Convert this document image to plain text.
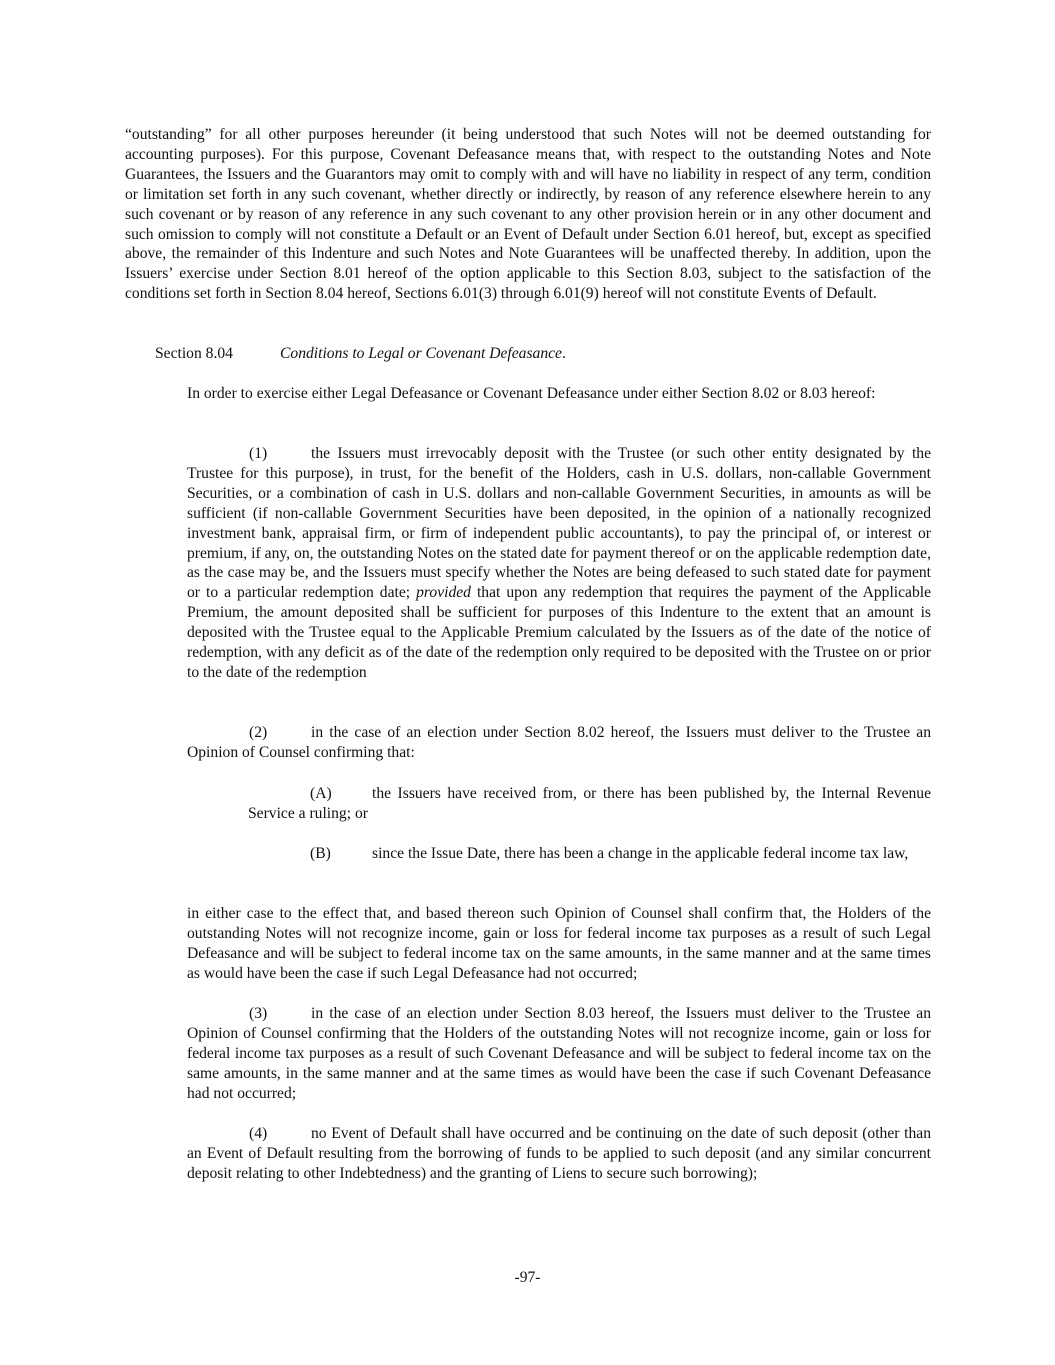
“outstanding” for all other purposes hereunder (it being understood that such Notes will not be deemed outstanding for accounting purposes). For this purpose, Covenant Defeasance means that, with respect to the outstanding Notes and Note Guarantees, the Issuers and the Guarantors may omit to comply with and will have no liability in respect of any term, condition or limitation set forth in any such covenant, whether directly or indirectly, by reason of any reference elsewhere herein to any such covenant or by reason of any reference in any such covenant to any other provision herein or in any other document and such omission to comply will not constitute a Default or an Event of Default under Section 6.01 hereof, but, except as specified above, the remainder of this Indenture and such Notes and Note Guarantees will be unaffected thereby. In addition, upon the Issuers’ exercise under Section 8.01 hereof of the option applicable to this Section 8.03, subject to the satisfaction of the conditions set forth in Section 8.04 hereof, Sections 6.01(3) through 6.01(9) hereof will not constitute Events of Default.

Section 8.04	Conditions to Legal or Covenant Defeasance.

In order to exercise either Legal Defeasance or Covenant Defeasance under either Section 8.02 or 8.03 hereof:

(1)	the Issuers must irrevocably deposit with the Trustee (or such other entity designated by the Trustee for this purpose), in trust, for the benefit of the Holders, cash in U.S. dollars, non-callable Government Securities, or a combination of cash in U.S. dollars and non-callable Government Securities, in amounts as will be sufficient (if non-callable Government Securities have been deposited, in the opinion of a nationally recognized investment bank, appraisal firm, or firm of independent public accountants), to pay the principal of, or interest or premium, if any, on, the outstanding Notes on the stated date for payment thereof or on the applicable redemption date, as the case may be, and the Issuers must specify whether the Notes are being defeased to such stated date for payment or to a particular redemption date; provided that upon any redemption that requires the payment of the Applicable Premium, the amount deposited shall be sufficient for purposes of this Indenture to the extent that an amount is deposited with the Trustee equal to the Applicable Premium calculated by the Issuers as of the date of the notice of redemption, with any deficit as of the date of the redemption only required to be deposited with the Trustee on or prior to the date of the redemption

(2)	in the case of an election under Section 8.02 hereof, the Issuers must deliver to the Trustee an Opinion of Counsel confirming that:

(A)	the Issuers have received from, or there has been published by, the Internal Revenue Service a ruling; or

(B)	since the Issue Date, there has been a change in the applicable federal income tax law,

in either case to the effect that, and based thereon such Opinion of Counsel shall confirm that, the Holders of the outstanding Notes will not recognize income, gain or loss for federal income tax purposes as a result of such Legal Defeasance and will be subject to federal income tax on the same amounts, in the same manner and at the same times as would have been the case if such Legal Defeasance had not occurred;

(3)	in the case of an election under Section 8.03 hereof, the Issuers must deliver to the Trustee an Opinion of Counsel confirming that the Holders of the outstanding Notes will not recognize income, gain or loss for federal income tax purposes as a result of such Covenant Defeasance and will be subject to federal income tax on the same amounts, in the same manner and at the same times as would have been the case if such Covenant Defeasance had not occurred;

(4)	no Event of Default shall have occurred and be continuing on the date of such deposit (other than an Event of Default resulting from the borrowing of funds to be applied to such deposit (and any similar concurrent deposit relating to other Indebtedness) and the granting of Liens to secure such borrowing);

-97-
